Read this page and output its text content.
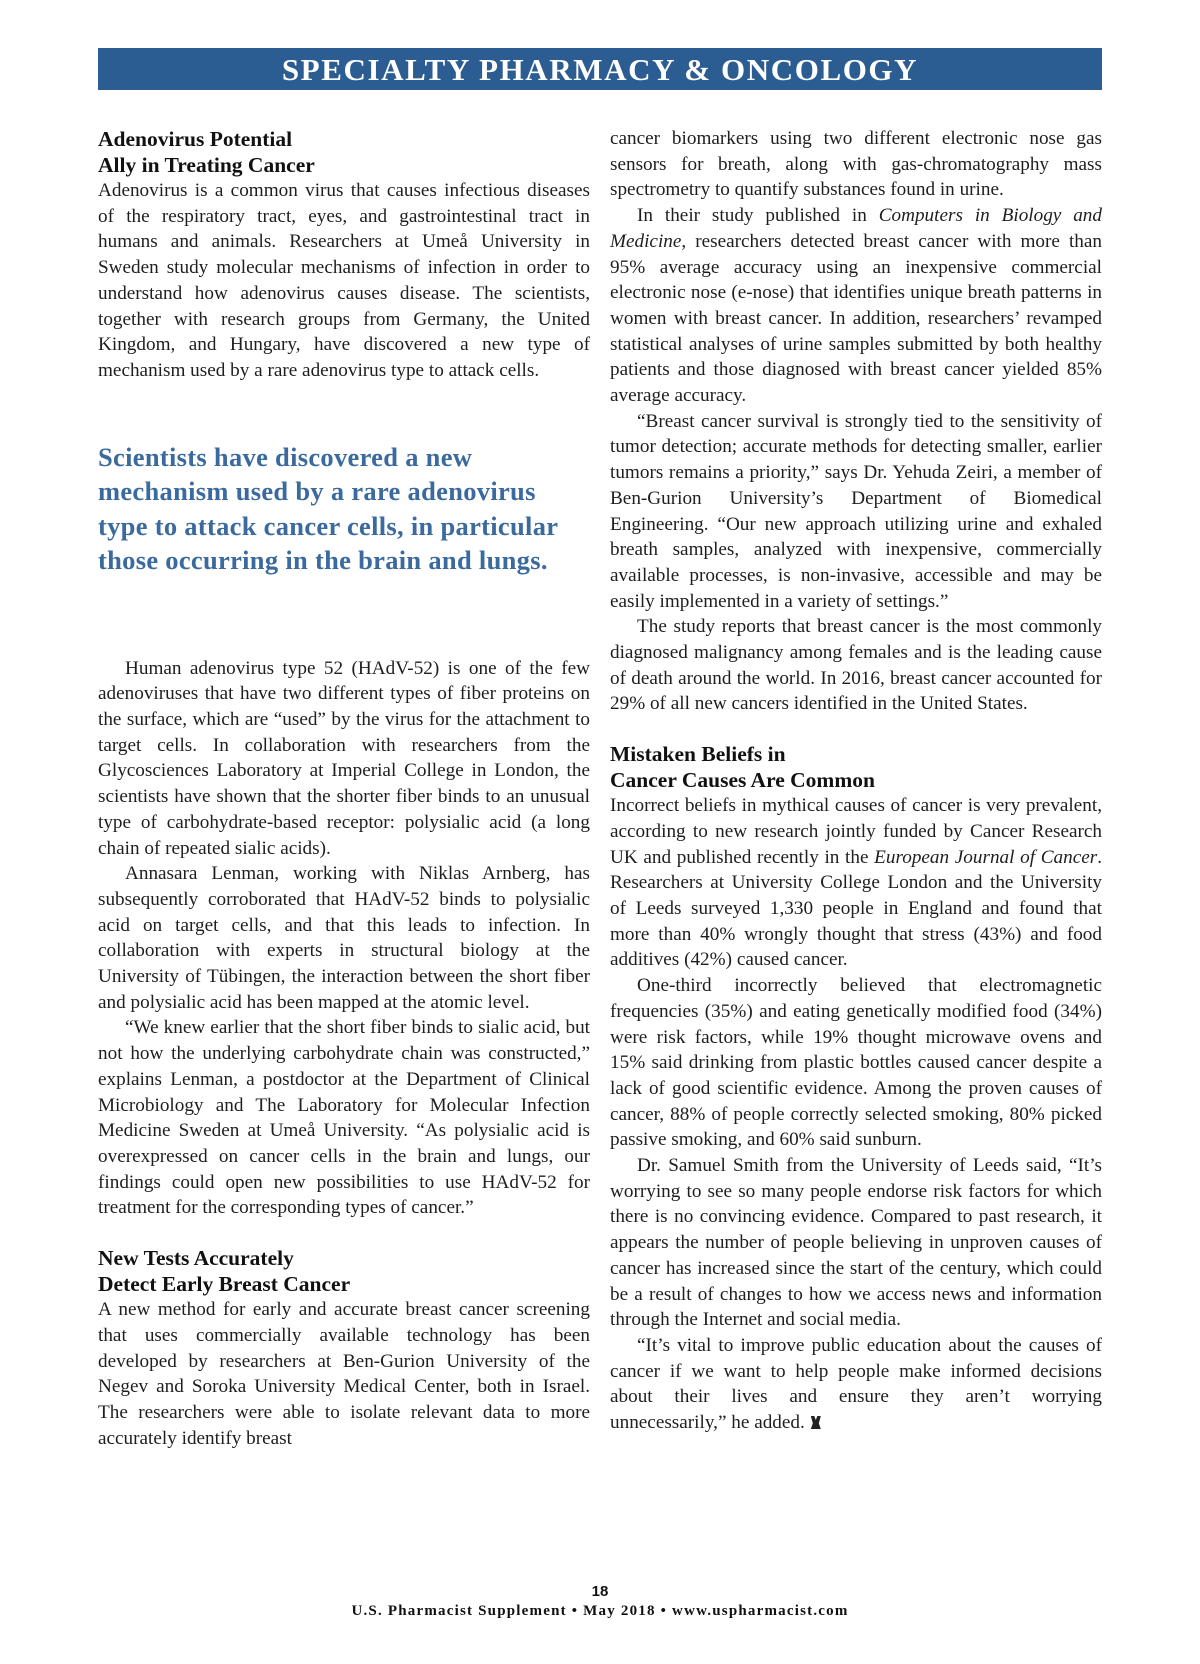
SPECIALTY PHARMACY & ONCOLOGY
Adenovirus Potential
Ally in Treating Cancer

Adenovirus is a common virus that causes infectious diseases of the respiratory tract, eyes, and gastrointestinal tract in humans and animals. Researchers at Umeå University in Sweden study molecular mechanisms of infection in order to understand how adenovirus causes disease. The scientists, together with research groups from Germany, the United Kingdom, and Hungary, have discovered a new type of mechanism used by a rare adenovirus type to attack cells.

Scientists have discovered a new mechanism used by a rare adenovirus type to attack cancer cells, in particular those occurring in the brain and lungs.

Human adenovirus type 52 (HAdV-52) is one of the few adenoviruses that have two different types of fiber proteins on the surface, which are “used” by the virus for the attachment to target cells. In collaboration with researchers from the Glycosciences Laboratory at Imperial College in London, the scientists have shown that the shorter fiber binds to an unusual type of carbohydrate-based receptor: polysialic acid (a long chain of repeated sialic acids).

Annasara Lenman, working with Niklas Arnberg, has subsequently corroborated that HAdV-52 binds to polysialic acid on target cells, and that this leads to infection. In collaboration with experts in structural biology at the University of Tübingen, the interaction between the short fiber and polysialic acid has been mapped at the atomic level.

“We knew earlier that the short fiber binds to sialic acid, but not how the underlying carbohydrate chain was constructed,” explains Lenman, a postdoctor at the Department of Clinical Microbiology and The Laboratory for Molecular Infection Medicine Sweden at Umeå University. “As polysialic acid is overexpressed on cancer cells in the brain and lungs, our findings could open new possibilities to use HAdV-52 for treatment for the corresponding types of cancer.”

New Tests Accurately
Detect Early Breast Cancer

A new method for early and accurate breast cancer screening that uses commercially available technology has been developed by researchers at Ben-Gurion University of the Negev and Soroka University Medical Center, both in Israel. The researchers were able to isolate relevant data to more accurately identify breast

cancer biomarkers using two different electronic nose gas sensors for breath, along with gas-chromatography mass spectrometry to quantify substances found in urine.

In their study published in Computers in Biology and Medicine, researchers detected breast cancer with more than 95% average accuracy using an inexpensive commercial electronic nose (e-nose) that identifies unique breath patterns in women with breast cancer. In addition, researchers’ revamped statistical analyses of urine samples submitted by both healthy patients and those diagnosed with breast cancer yielded 85% average accuracy.

“Breast cancer survival is strongly tied to the sensitivity of tumor detection; accurate methods for detecting smaller, earlier tumors remains a priority,” says Dr. Yehuda Zeiri, a member of Ben-Gurion University’s Department of Biomedical Engineering. “Our new approach utilizing urine and exhaled breath samples, analyzed with inexpensive, commercially available processes, is non-invasive, accessible and may be easily implemented in a variety of settings.”

The study reports that breast cancer is the most commonly diagnosed malignancy among females and is the leading cause of death around the world. In 2016, breast cancer accounted for 29% of all new cancers identified in the United States.

Mistaken Beliefs in
Cancer Causes Are Common

Incorrect beliefs in mythical causes of cancer is very prevalent, according to new research jointly funded by Cancer Research UK and published recently in the European Journal of Cancer. Researchers at University College London and the University of Leeds surveyed 1,330 people in England and found that more than 40% wrongly thought that stress (43%) and food additives (42%) caused cancer.

One-third incorrectly believed that electromagnetic frequencies (35%) and eating genetically modified food (34%) were risk factors, while 19% thought microwave ovens and 15% said drinking from plastic bottles caused cancer despite a lack of good scientific evidence. Among the proven causes of cancer, 88% of people correctly selected smoking, 80% picked passive smoking, and 60% said sunburn.

Dr. Samuel Smith from the University of Leeds said, “It’s worrying to see so many people endorse risk factors for which there is no convincing evidence. Compared to past research, it appears the number of people believing in unproven causes of cancer has increased since the start of the century, which could be a result of changes to how we access news and information through the Internet and social media.

“It’s vital to improve public education about the causes of cancer if we want to help people make informed decisions about their lives and ensure they aren’t worrying unnecessarily,” he added.

18
U.S. Pharmacist Supplement • May 2018 • www.uspharmacist.com
